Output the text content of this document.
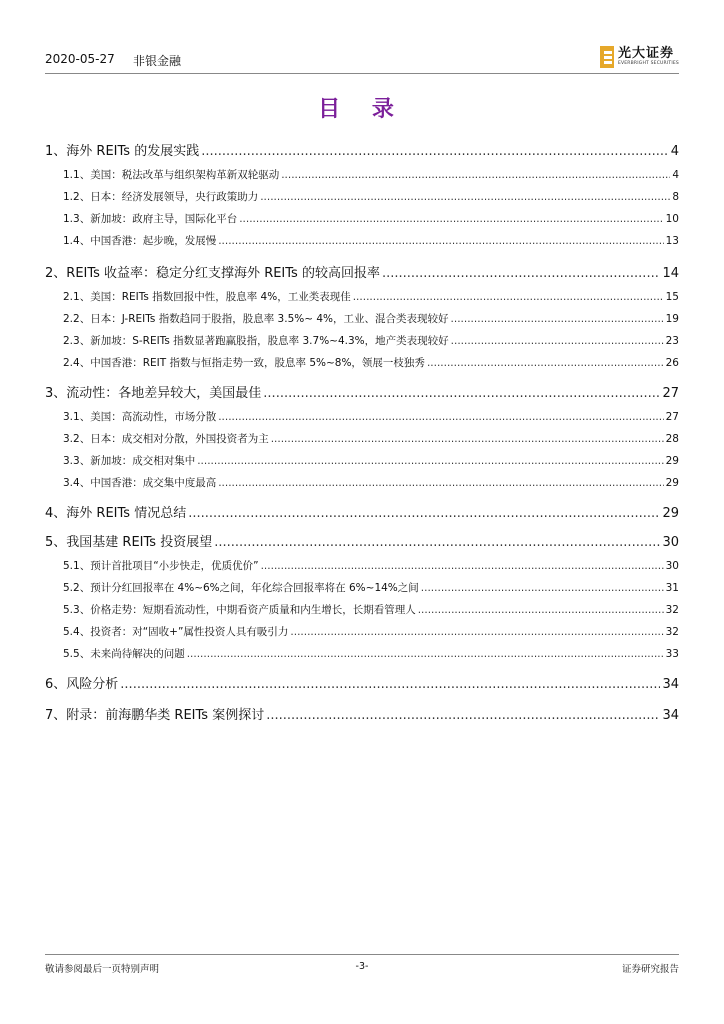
2020-05-27 非银金融	光大证券
EVERBRIGHT SECURITIES
目 录
1、 海外 REITs 的发展实践 .....	4
1.1、 美国：税法改革与组织架构革新双轮驱动 .....	4
1.2、 日本：经济发展领导，央行政策助力 .....	8
1.3、 新加坡：政府主导，国际化平台 .....	10
1.4、 中国香港：起步晚，发展慢 .....	13
2、 REITs 收益率：稳定分红支撑海外 REITs 的较高回报率 .....	14
2.1、 美国：REITs 指数回报中性，股息率 4%，工业类表现佳 .....	15
2.2、 日本：J-REITs 指数趋同于股指，股息率 3.5%~ 4%，工业、混合类表现较好 .....	19
2.3、 新加坡：S-REITs 指数显著跑赢股指，股息率 3.7%~4.3%，地产类表现较好 .....	23
2.4、 中国香港：REIT 指数与恒指走势一致，股息率 5%~8%，领展一枝独秀 .....	26
3、 流动性：各地差异较大，美国最佳 .....	27
3.1、 美国：高流动性，市场分散 .....	27
3.2、 日本：成交相对分散，外国投资者为主 .....	28
3.3、 新加坡：成交相对集中 .....	29
3.4、 中国香港：成交集中度最高 .....	29
4、 海外 REITs 情况总结 .....	29
5、 我国基建 REITs 投资展望 .....	30
5.1、 预计首批项目“小步快走，优质优价” .....	30
5.2、 预计分红回报率在 4%~6%之间，年化综合回报率将在 6%~14%之间 .....	31
5.3、 价格走势：短期看流动性，中期看资产质量和内生增长，长期看管理人 .....	32
5.4、 投资者：对“固收+”属性投资人具有吸引力 .....	32
5.5、 未来尚待解决的问题 .....	33
6、 风险分析 .....	34
7、 附录：前海鹏华类 REITs 案例探讨 .....	34
敬请参阅最后一页特别声明	-3-	证券研究报告
